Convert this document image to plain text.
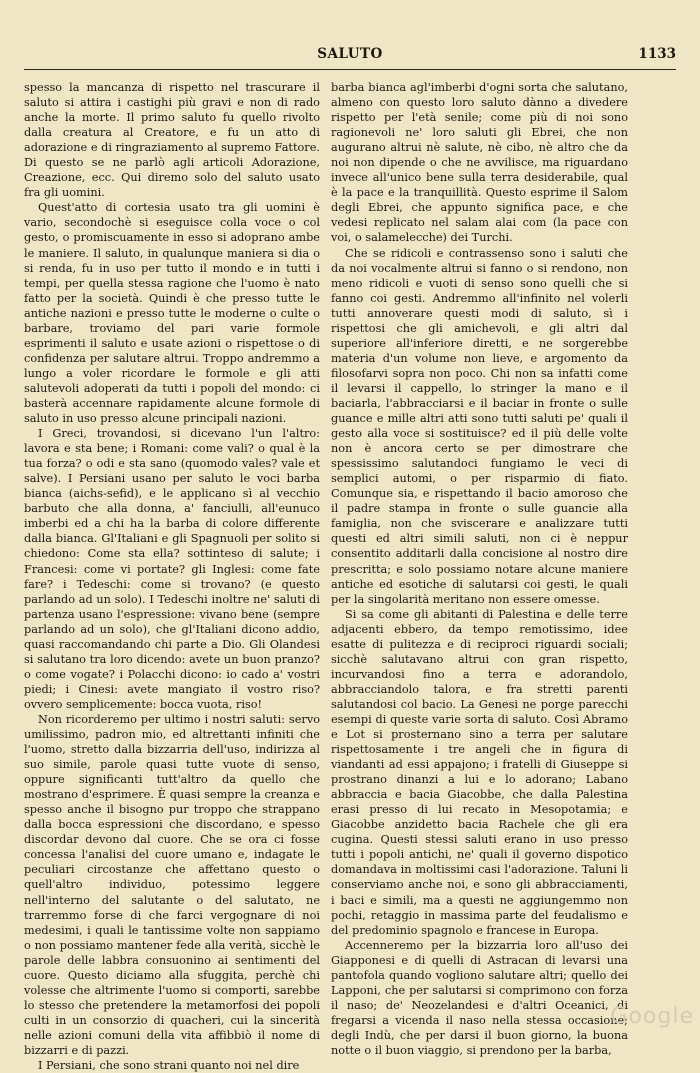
SALUTO	1133

spesso la mancanza di rispetto nel trascurare il saluto si attira i castighi più gravi e non di rado anche la morte. Il primo saluto fu quello rivolto dalla creatura al Creatore, e fu un atto di adorazione e di ringraziamento al supremo Fattore. Di questo se ne parlò agli articoli Adorazione, Creazione, ecc. Qui diremo solo del saluto usato fra gli uomini.

Quest'atto di cortesia usato tra gli uomini è vario, secondochè si eseguisce colla voce o col gesto, o promiscuamente in esso si adoprano ambe le maniere. Il saluto, in qualunque maniera si dia o si renda, fu in uso per tutto il mondo e in tutti i tempi, per quella stessa ragione che l'uomo è nato fatto per la società. Quindi è che presso tutte le antiche nazioni e presso tutte le moderne o culte o barbare, troviamo del pari varie formole esprimenti il saluto e usate azioni o rispettose o di confidenza per salutare altrui. Troppo andremmo a lungo a voler ricordare le formole e gli atti salutevoli adoperati da tutti i popoli del mondo: ci basterà accennare rapidamente alcune formole di saluto in uso presso alcune principali nazioni.

I Greci, trovandosi, si dicevano l'un l'altro: lavora e sta bene; i Romani: come vali? o qual è la tua forza? o odi e sta sano (quomodo vales? vale et salve). I Persiani usano per saluto le voci barba bianca (aichs-sefid), e le applicano sì al vecchio barbuto che alla donna, a' fanciulli, all'eunuco imberbi ed a chi ha la barba di colore differente dalla bianca. Gl'Italiani e gli Spagnuoli per solito si chiedono: Come sta ella? sottinteso di salute; i Francesi: come vi portate? gli Inglesi: come fate fare? i Tedeschi: come si trovano? (e questo parlando ad un solo). I Tedeschi inoltre ne' saluti di partenza usano l'espressione: vivano bene (sempre parlando ad un solo), che gl'Italiani dicono addio, quasi raccomandando chi parte a Dio. Gli Olandesi si salutano tra loro dicendo: avete un buon pranzo? o come vogate? i Polacchi dicono: io cado a' vostri piedi; i Cinesi: avete mangiato il vostro riso? ovvero semplicemente: bocca vuota, riso!

Non ricorderemo per ultimo i nostri saluti: servo umilissimo, padron mio, ed altrettanti infiniti che l'uomo, stretto dalla bizzarria dell'uso, indirizza al suo simile, parole quasi tutte vuote di senso, oppure significanti tutt'altro da quello che mostrano d'esprimere. È quasi sempre la creanza e spesso anche il bisogno pur troppo che strappano dalla bocca espressioni che discordano, e spesso discordar devono dal cuore. Che se ora ci fosse concessa l'analisi del cuore umano e, indagate le peculiari circostanze che affettano questo o quell'altro individuo, potessimo leggere nell'interno del salutante o del salutato, ne trarremmo forse di che farci vergognare di noi medesimi, i quali le tantissime volte non sappiamo o non possiamo mantener fede alla verità, sicchè le parole delle labbra consuonino ai sentimenti del cuore. Questo diciamo alla sfuggita, perchè chi volesse che altrimente l'uomo si comporti, sarebbe lo stesso che pretendere la metamorfosi dei popoli culti in un consorzio di quacheri, cui la sincerità nelle azioni comuni della vita affibbiò il nome di bizzarri e di pazzi.

I Persiani, che sono strani quanto noi nel dire

barba bianca agl'imberbi d'ogni sorta che salutano, almeno con questo loro saluto dànno a divedere rispetto per l'età senile; come più di noi sono ragionevoli ne' loro saluti gli Ebrei, che non augurano altrui nè salute, nè cibo, nè altro che da noi non dipende o che ne avvilisce, ma riguardano invece all'unico bene sulla terra desiderabile, qual è la pace e la tranquillità. Questo esprime il Salom degli Ebrei, che appunto significa pace, e che vedesi replicato nel salam alai com (la pace con voi, o salamelecche) dei Turchi.

Che se ridicoli e contrassenso sono i saluti che da noi vocalmente altrui si fanno o si rendono, non meno ridicoli e vuoti di senso sono quelli che si fanno coi gesti. Andremmo all'infinito nel volerli tutti annoverare questi modi di saluto, sì i rispettosi che gli amichevoli, e gli altri dal superiore all'inferiore diretti, e ne sorgerebbe materia d'un volume non lieve, e argomento da filosofarvi sopra non poco. Chi non sa infatti come il levarsi il cappello, lo stringer la mano e il baciarla, l'abbracciarsi e il baciar in fronte o sulle guance e mille altri atti sono tutti saluti pe' quali il gesto alla voce si sostituisce? ed il più delle volte non è ancora certo se per dimostrare che spessissimo salutandoci fungiamo le veci di semplici automi, o per risparmio di fiato. Comunque sia, e rispettando il bacio amoroso che il padre stampa in fronte o sulle guancie alla famiglia, non che sviscerare e analizzare tutti questi ed altri simili saluti, non ci è neppur consentito additarli dalla concisione al nostro dire prescritta; e solo possiamo notare alcune maniere antiche ed esotiche di salutarsi coi gesti, le quali per la singolarità meritano non essere omesse.

Si sa come gli abitanti di Palestina e delle terre adjacenti ebbero, da tempo remotissimo, idee esatte di pulitezza e di reciproci riguardi sociali; sicchè salutavano altrui con gran rispetto, incurvandosi fino a terra e adorandolo, abbracciandolo talora, e fra stretti parenti salutandosi col bacio. La Genesi ne porge parecchi esempi di queste varie sorta di saluto. Così Abramo e Lot si prosternano sino a terra per salutare rispettosamente i tre angeli che in figura di viandanti ad essi appajono; i fratelli di Giuseppe si prostrano dinanzi a lui e lo adorano; Labano abbraccia e bacia Giacobbe, che dalla Palestina erasi presso di lui recato in Mesopotamia; e Giacobbe anzidetto bacia Rachele che gli era cugina. Questi stessi saluti erano in uso presso tutti i popoli antichi, ne' quali il governo dispotico domandava in moltissimi casi l'adorazione. Taluni li conserviamo anche noi, e sono gli abbracciamenti, i baci e simili, ma a questi ne aggiungemmo non pochi, retaggio in massima parte del feudalismo e del predominio spagnolo e francese in Europa.

Accenneremo per la bizzarria loro all'uso dei Giapponesi e di quelli di Astracan di levarsi una pantofola quando vogliono salutare altri; quello dei Lapponi, che per salutarsi si comprimono con forza il naso; de' Neozelandesi e d'altri Oceanici, di fregarsi a vicenda il naso nella stessa occasione; degli Indù, che per darsi il buon giorno, la buona notte o il buon viaggio, si prendono per la barba,

Google
